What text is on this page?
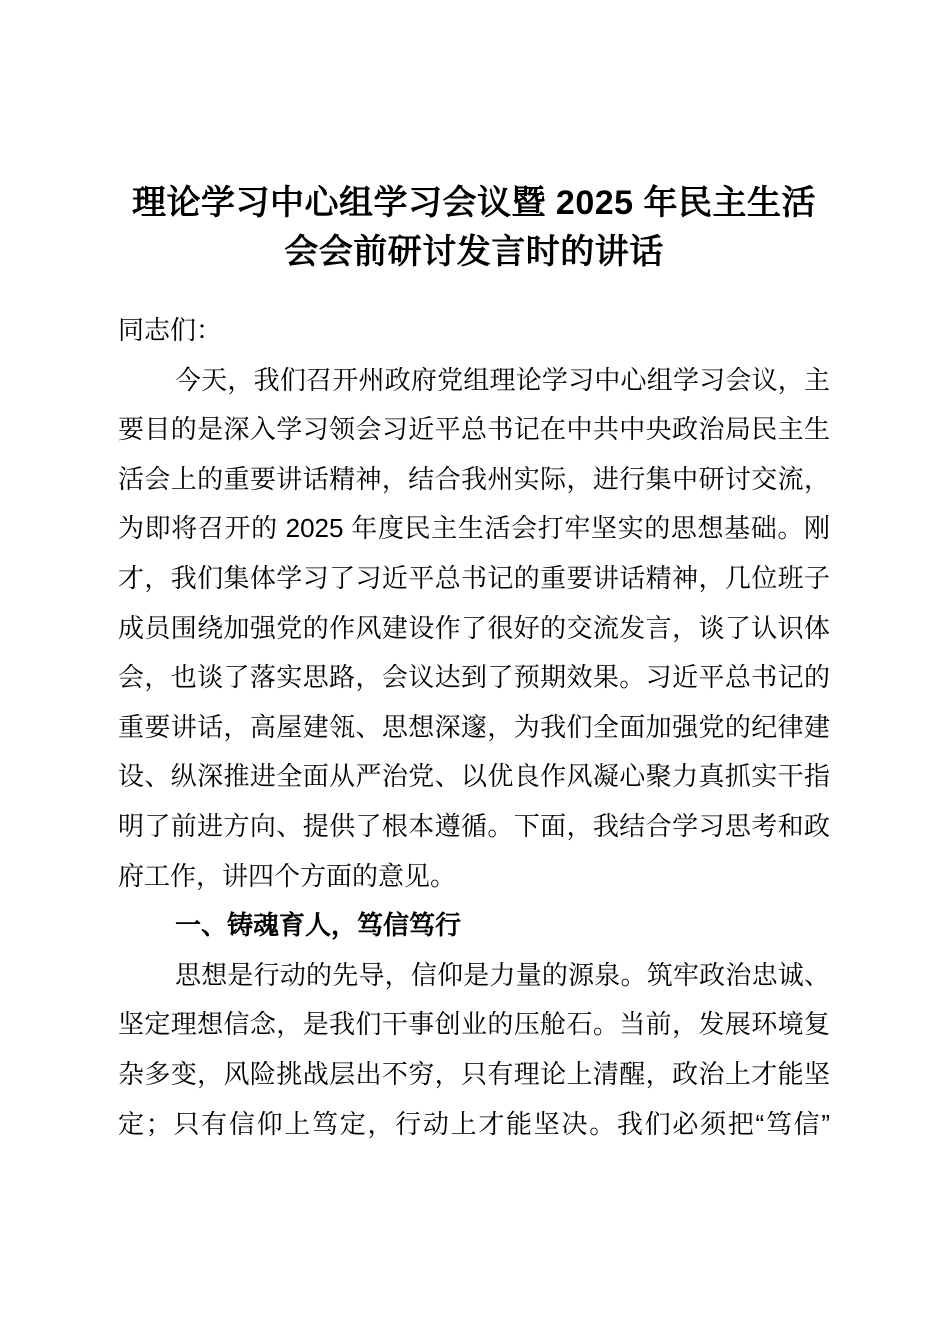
理论学习中心组学习会议暨 2025 年民主生活
会会前研讨发言时的讲话
同志们：
今天，我们召开州政府党组理论学习中心组学习会议，主
要目的是深入学习领会习近平总书记在中共中央政治局民主生
活会上的重要讲话精神，结合我州实际，进行集中研讨交流，
为即将召开的 2025 年度民主生活会打牢坚实的思想基础。刚
才，我们集体学习了习近平总书记的重要讲话精神，几位班子
成员围绕加强党的作风建设作了很好的交流发言，谈了认识体
会，也谈了落实思路，会议达到了预期效果。习近平总书记的
重要讲话，高屋建瓴、思想深邃，为我们全面加强党的纪律建
设、纵深推进全面从严治党、以优良作风凝心聚力真抓实干指
明了前进方向、提供了根本遵循。下面，我结合学习思考和政
府工作，讲四个方面的意见。
一、铸魂育人，笃信笃行
思想是行动的先导，信仰是力量的源泉。筑牢政治忠诚、
坚定理想信念，是我们干事创业的压舱石。当前，发展环境复
杂多变，风险挑战层出不穷，只有理论上清醒，政治上才能坚
定；只有信仰上笃定，行动上才能坚决。我们必须把“笃信”
